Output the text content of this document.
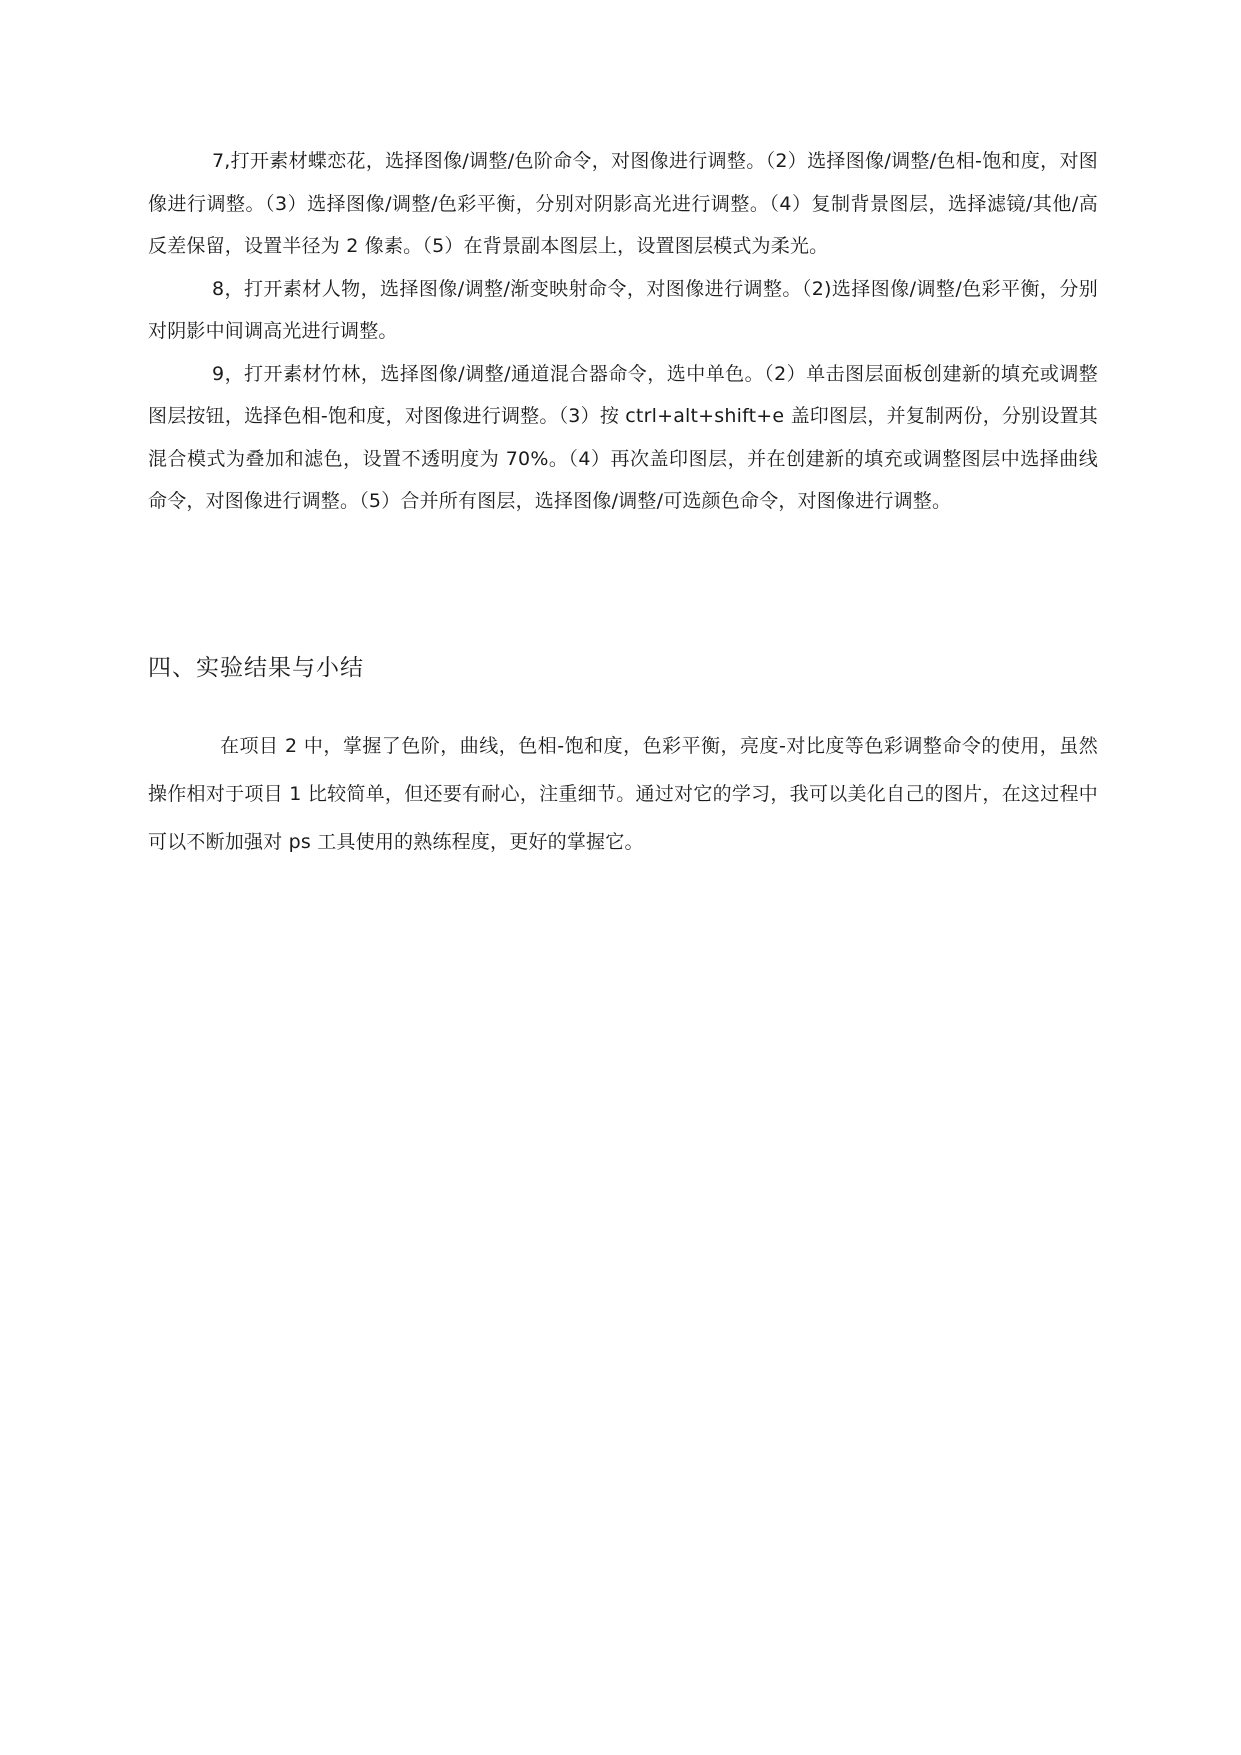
7,打开素材蝶恋花，选择图像/调整/色阶命令，对图像进行调整。（2）选择图像/调整/色相-饱和度，对图像进行调整。（3）选择图像/调整/色彩平衡，分别对阴影高光进行调整。（4）复制背景图层，选择滤镜/其他/高反差保留，设置半径为 2 像素。（5）在背景副本图层上，设置图层模式为柔光。

8，打开素材人物，选择图像/调整/渐变映射命令，对图像进行调整。（2)选择图像/调整/色彩平衡，分别对阴影中间调高光进行调整。

9，打开素材竹林，选择图像/调整/通道混合器命令，选中单色。（2）单击图层面板创建新的填充或调整图层按钮，选择色相-饱和度，对图像进行调整。（3）按 ctrl+alt+shift+e 盖印图层，并复制两份，分别设置其混合模式为叠加和滤色，设置不透明度为 70%。（4）再次盖印图层，并在创建新的填充或调整图层中选择曲线命令，对图像进行调整。（5）合并所有图层，选择图像/调整/可选颜色命令，对图像进行调整。

四、实验结果与小结

在项目 2 中，掌握了色阶，曲线，色相-饱和度，色彩平衡，亮度-对比度等色彩调整命令的使用，虽然操作相对于项目 1 比较简单，但还要有耐心，注重细节。通过对它的学习，我可以美化自己的图片，在这过程中可以不断加强对 ps 工具使用的熟练程度，更好的掌握它。
